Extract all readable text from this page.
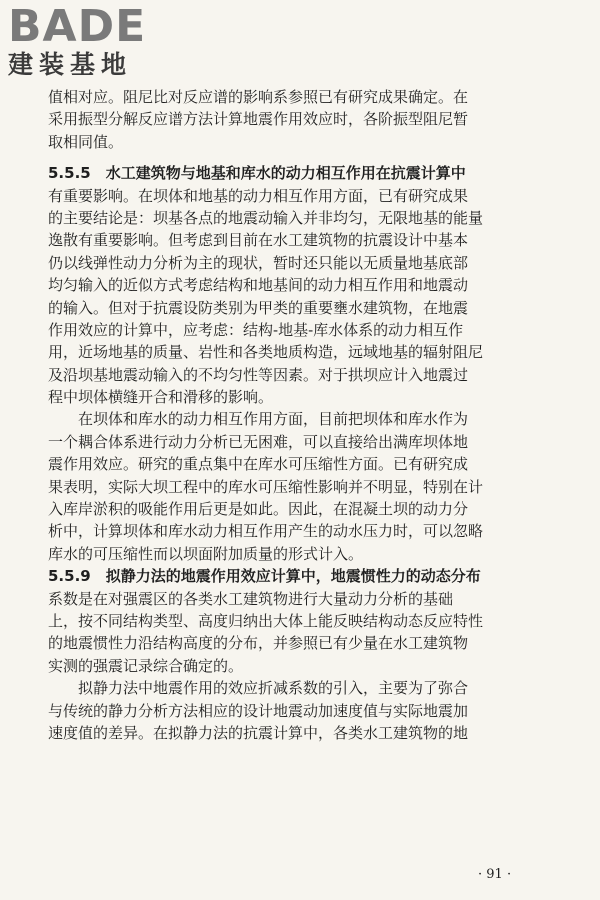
BADE
建装基地
值相对应。阻尼比对反应谱的影响系参照已有研究成果确定。在
采用振型分解反应谱方法计算地震作用效应时，各阶振型阻尼暂
取相同值。
5.5.5　水工建筑物与地基和库水的动力相互作用在抗震计算中
有重要影响。在坝体和地基的动力相互作用方面，已有研究成果
的主要结论是：坝基各点的地震动输入并非均匀，无限地基的能量
逸散有重要影响。但考虑到目前在水工建筑物的抗震设计中基本
仍以线弹性动力分析为主的现状，暂时还只能以无质量地基底部
均匀输入的近似方式考虑结构和地基间的动力相互作用和地震动
的输入。但对于抗震设防类别为甲类的重要壅水建筑物，在地震
作用效应的计算中，应考虑：结构-地基-库水体系的动力相互作
用，近场地基的质量、岩性和各类地质构造，远域地基的辐射阻尼
及沿坝基地震动输入的不均匀性等因素。对于拱坝应计入地震过
程中坝体横缝开合和滑移的影响。
　　在坝体和库水的动力相互作用方面，目前把坝体和库水作为
一个耦合体系进行动力分析已无困难，可以直接给出满库坝体地
震作用效应。研究的重点集中在库水可压缩性方面。已有研究成
果表明，实际大坝工程中的库水可压缩性影响并不明显，特别在计
入库岸淤积的吸能作用后更是如此。因此，在混凝土坝的动力分
析中，计算坝体和库水动力相互作用产生的动水压力时，可以忽略
库水的可压缩性而以坝面附加质量的形式计入。
5.5.9　拟静力法的地震作用效应计算中，地震惯性力的动态分布
系数是在对强震区的各类水工建筑物进行大量动力分析的基础
上，按不同结构类型、高度归纳出大体上能反映结构动态反应特性
的地震惯性力沿结构高度的分布，并参照已有少量在水工建筑物
实测的强震记录综合确定的。
　　拟静力法中地震作用的效应折减系数的引入，主要为了弥合
与传统的静力分析方法相应的设计地震动加速度值与实际地震加
速度值的差异。在拟静力法的抗震计算中，各类水工建筑物的地
· 91 ·
